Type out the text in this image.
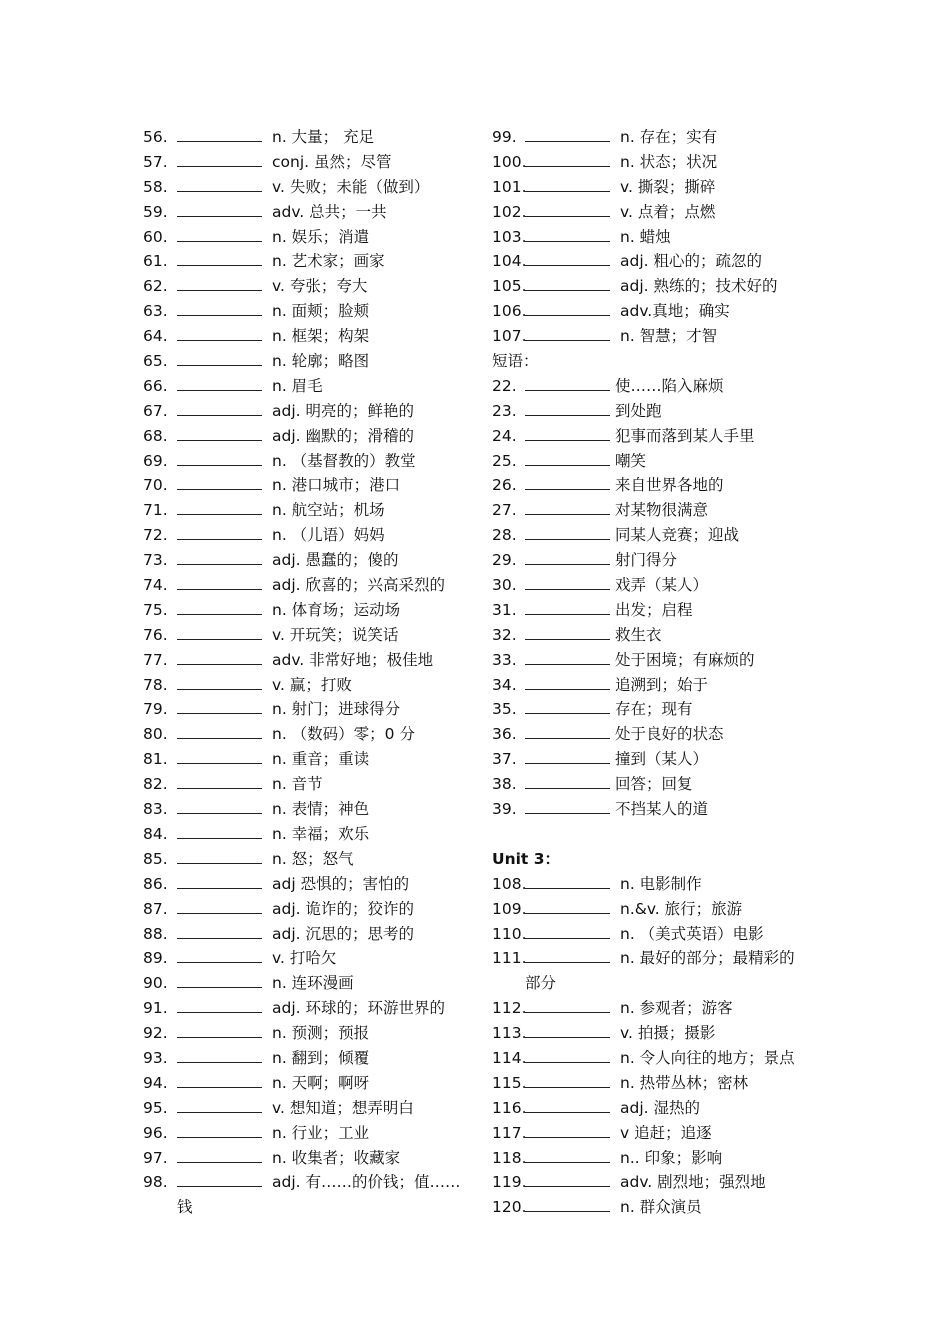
56.	n. 大量； 充足
57.	conj. 虽然；尽管
58.	v. 失败；未能（做到）
59.	adv. 总共；一共
60.	n. 娱乐；消遣
61.	n. 艺术家；画家
62.	v. 夸张；夸大
63.	n. 面颊；脸颊
64.	n. 框架；构架
65.	n. 轮廓；略图
66.	n. 眉毛
67.	adj. 明亮的；鲜艳的
68.	adj. 幽默的；滑稽的
69.	n. （基督教的）教堂
70.	n. 港口城市；港口
71.	n. 航空站；机场
72.	n. （儿语）妈妈
73.	adj. 愚蠢的；傻的
74.	adj. 欣喜的；兴高采烈的
75.	n. 体育场；运动场
76.	v. 开玩笑；说笑话
77.	adv. 非常好地；极佳地
78.	v. 赢；打败
79.	n. 射门；进球得分
80.	n. （数码）零；0 分
81.	n. 重音；重读
82.	n. 音节
83.	n. 表情；神色
84.	n. 幸福；欢乐
85.	n. 怒；怒气
86.	adj 恐惧的；害怕的
87.	adj. 诡诈的；狡诈的
88.	adj. 沉思的；思考的
89.	v. 打哈欠
90.	n. 连环漫画
91.	adj. 环球的；环游世界的
92.	n. 预测；预报
93.	n. 翻到；倾覆
94.	n. 天啊；啊呀
95.	v. 想知道；想弄明白
96.	n. 行业；工业
97.	n. 收集者；收藏家
98.	adj. 有……的价钱；值……
钱
99.	n. 存在；实有
100.	n. 状态；状况
101.	v. 撕裂；撕碎
102.	v. 点着；点燃
103.	n. 蜡烛
104.	adj. 粗心的；疏忽的
105.	adj. 熟练的；技术好的
106.	adv.真地；确实
107.	n. 智慧；才智
短语：
22.	使……陷入麻烦
23.	到处跑
24.	犯事而落到某人手里
25.	嘲笑
26.	来自世界各地的
27.	对某物很满意
28.	同某人竞赛；迎战
29.	射门得分
30.	戏弄（某人）
31.	出发；启程
32.	救生衣
33.	处于困境；有麻烦的
34.	追溯到；始于
35.	存在；现有
36.	处于良好的状态
37.	撞到（某人）
38.	回答；回复
39.	不挡某人的道
Unit 3：
108.	n. 电影制作
109.	n.&v. 旅行；旅游
110.	n. （美式英语）电影
111.	n. 最好的部分；最精彩的
部分
112.	n. 参观者；游客
113.	v. 拍摄；摄影
114.	n. 令人向往的地方；景点
115.	n. 热带丛林；密林
116.	adj. 湿热的
117.	v 追赶；追逐
118.	n.. 印象；影响
119.	adv. 剧烈地；强烈地
120.	n. 群众演员
